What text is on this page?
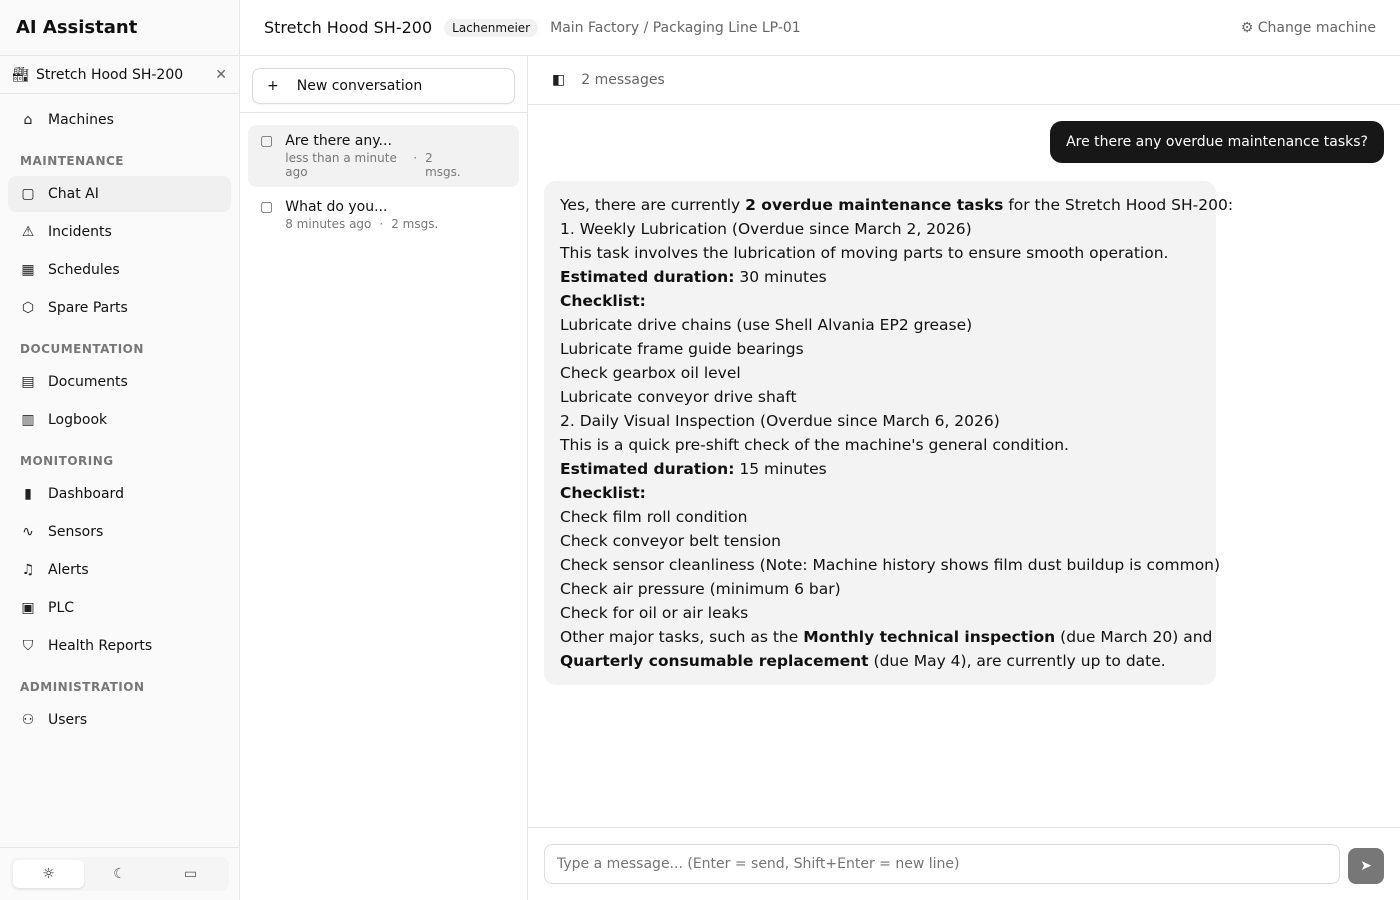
AI Assistant
🏭︎ Stretch Hood SH-200 ✕
⌂ Machines
MAINTENANCE
▢ Chat AI
⚠ Incidents
▦ Schedules
⬡ Spare Parts
DOCUMENTATION
▤ Documents
▥ Logbook
MONITORING
▮ Dashboard
∿ Sensors
♫ Alerts
▣ PLC
⛉ Health Reports
ADMINISTRATION
⚇ Users
☼	☾	▭
Stretch Hood SH-200	Lachenmeier	Main Factory / Packaging Line LP-01	⚙ Change machine
+ New conversation
▢ Are there any...
less than a minute ago
· 2 msgs.
▢ What do you...
8 minutes ago · 2 msgs.
◧ 2 messages
Are there any overdue maintenance tasks?
Yes, there are currently 2 overdue maintenance tasks for the Stretch Hood SH-200:
1. Weekly Lubrication (Overdue since March 2, 2026)
This task involves the lubrication of moving parts to ensure smooth operation.
Estimated duration: 30 minutes
Checklist:
Lubricate drive chains (use Shell Alvania EP2 grease)
Lubricate frame guide bearings
Check gearbox oil level
Lubricate conveyor drive shaft
2. Daily Visual Inspection (Overdue since March 6, 2026)
This is a quick pre-shift check of the machine's general condition.
Estimated duration: 15 minutes
Checklist:
Check film roll condition
Check conveyor belt tension
Check sensor cleanliness (Note: Machine history shows film dust buildup is common)
Check air pressure (minimum 6 bar)
Check for oil or air leaks
Other major tasks, such as the Monthly technical inspection (due March 20) and
Quarterly consumable replacement (due May 4), are currently up to date.
Type a message... (Enter = send, Shift+Enter = new line)
➤
